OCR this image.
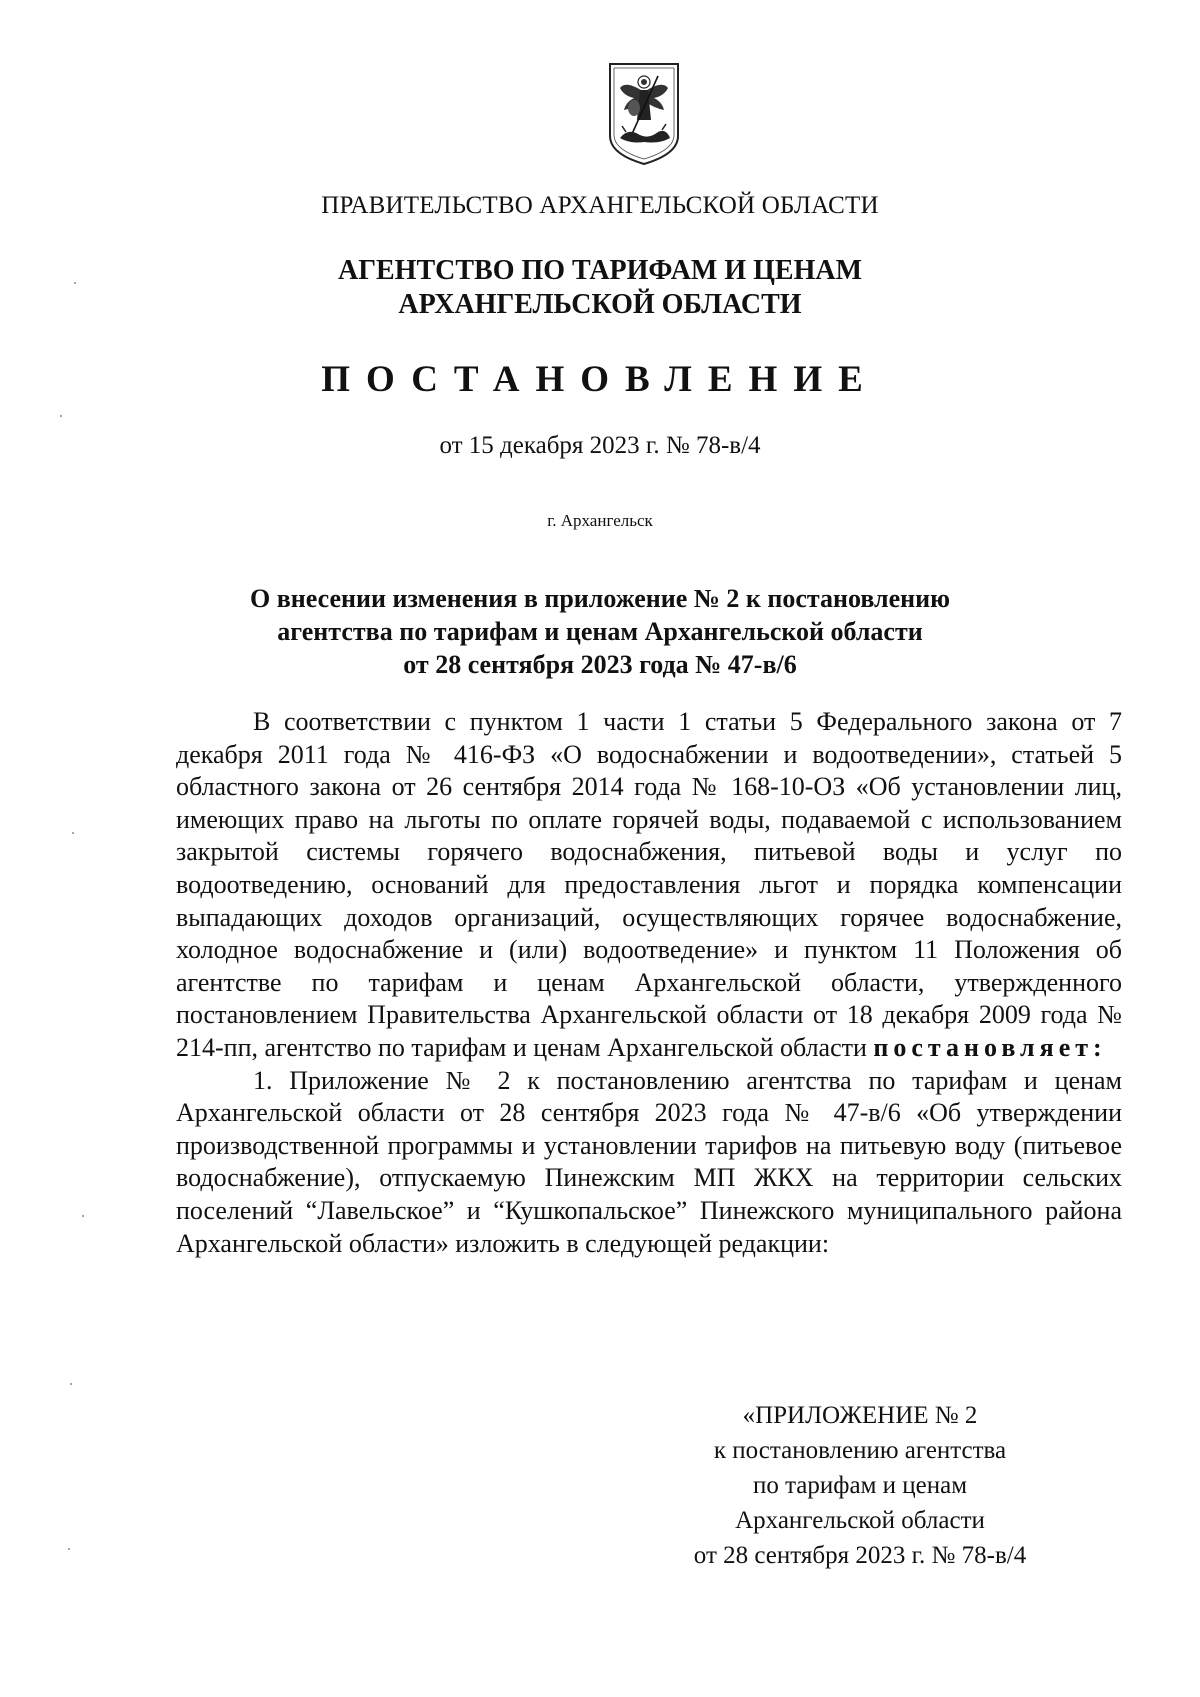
ПРАВИТЕЛЬСТВО АРХАНГЕЛЬСКОЙ ОБЛАСТИ
АГЕНТСТВО ПО ТАРИФАМ И ЦЕНАМ
АРХАНГЕЛЬСКОЙ ОБЛАСТИ
ПОСТАНОВЛЕНИЕ
от 15 декабря 2023 г. № 78-в/4
г. Архангельск
О внесении изменения в приложение № 2 к постановлению
агентства по тарифам и ценам Архангельской области
от 28 сентября 2023 года № 47-в/6

В соответствии с пунктом 1 части 1 статьи 5 Федерального закона от 7 декабря 2011 года № 416-ФЗ «О водоснабжении и водоотведении», статьей 5 областного закона от 26 сентября 2014 года № 168-10-ОЗ «Об установлении лиц, имеющих право на льготы по оплате горячей воды, подаваемой с использованием закрытой системы горячего водоснабжения, питьевой воды и услуг по водоотведению, оснований для предоставления льгот и порядка компенсации выпадающих доходов организаций, осуществляющих горячее водоснабжение, холодное водоснабжение и (или) водоотведение» и пунктом 11 Положения об агентстве по тарифам и ценам Архангельской области, утвержденного постановлением Правительства Архангельской области от 18 декабря 2009 года № 214-пп, агентство по тарифам и ценам Архангельской области постановляет:

1. Приложение № 2 к постановлению агентства по тарифам и ценам Архангельской области от 28 сентября 2023 года № 47-в/6 «Об утверждении производственной программы и установлении тарифов на питьевую воду (питьевое водоснабжение), отпускаемую Пинежским МП ЖКХ на территории сельских поселений “Лавельское” и “Кушкопальское” Пинежского муниципального района Архангельской области» изложить в следующей редакции:

«ПРИЛОЖЕНИЕ № 2
к постановлению агентства
по тарифам и ценам
Архангельской области
от 28 сентября 2023 г. № 78-в/4
